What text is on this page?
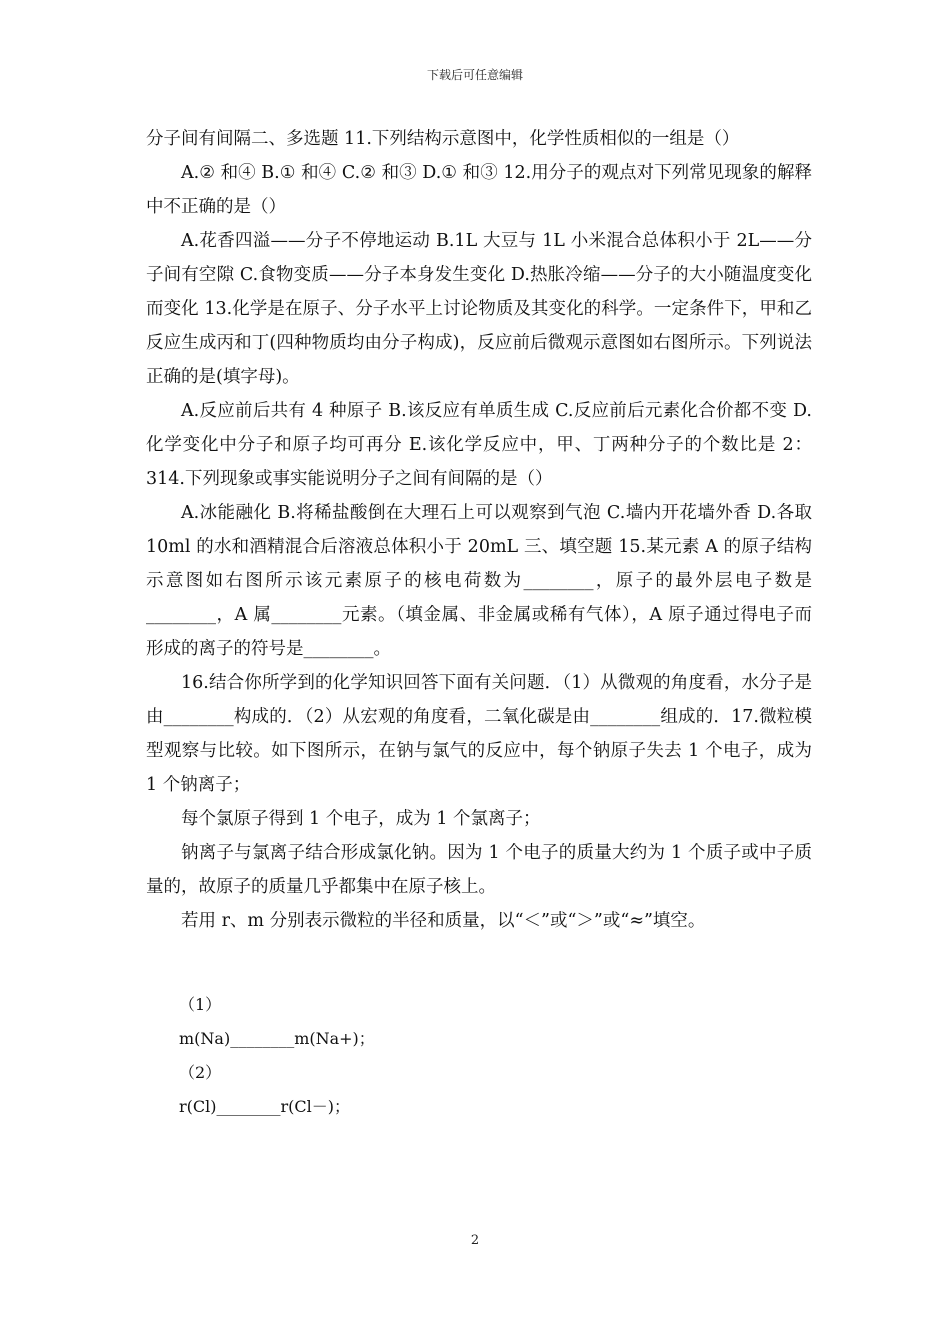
下载后可任意编辑

分子间有间隔二、多选题 11.下列结构示意图中，化学性质相似的一组是（）

A.② 和④ B.① 和④ C.② 和③ D.① 和③ 12.用分子的观点对下列常见现象的解释中不正确的是（）

A.花香四溢——分子不停地运动 B.1L 大豆与 1L 小米混合总体积小于 2L——分子间有空隙 C.食物变质——分子本身发生变化 D.热胀冷缩——分子的大小随温度变化而变化 13.化学是在原子、分子水平上讨论物质及其变化的科学。一定条件下，甲和乙反应生成丙和丁(四种物质均由分子构成)，反应前后微观示意图如右图所示。下列说法正确的是(填字母)。

A.反应前后共有 4 种原子 B.该反应有单质生成 C.反应前后元素化合价都不变 D.化学变化中分子和原子均可再分 E.该化学反应中，甲、丁两种分子的个数比是 2：314.下列现象或事实能说明分子之间有间隔的是（）

A.冰能融化 B.将稀盐酸倒在大理石上可以观察到气泡 C.墙内开花墙外香 D.各取 10ml 的水和酒精混合后溶液总体积小于 20mL 三、填空题 15.某元素 A 的原子结构示意图如右图所示该元素原子的核电荷数为________，原子的最外层电子数是________，A 属________元素。（填金属、非金属或稀有气体），A 原子通过得电子而形成的离子的符号是________。

16.结合你所学到的化学知识回答下面有关问题．（1）从微观的角度看，水分子是由________构成的．（2）从宏观的角度看，二氧化碳是由________组成的．17.微粒模型观察与比较。如下图所示，在钠与氯气的反应中，每个钠原子失去 1 个电子，成为 1 个钠离子；

每个氯原子得到 1 个电子，成为 1 个氯离子；

钠离子与氯离子结合形成氯化钠。因为 1 个电子的质量大约为 1 个质子或中子质量的，故原子的质量几乎都集中在原子核上。

若用 r、m 分别表示微粒的半径和质量，以“＜”或“＞”或“≈”填空。

（1）

m(Na)________m(Na+)；

（2）

r(Cl)________r(Cl－)；

2
